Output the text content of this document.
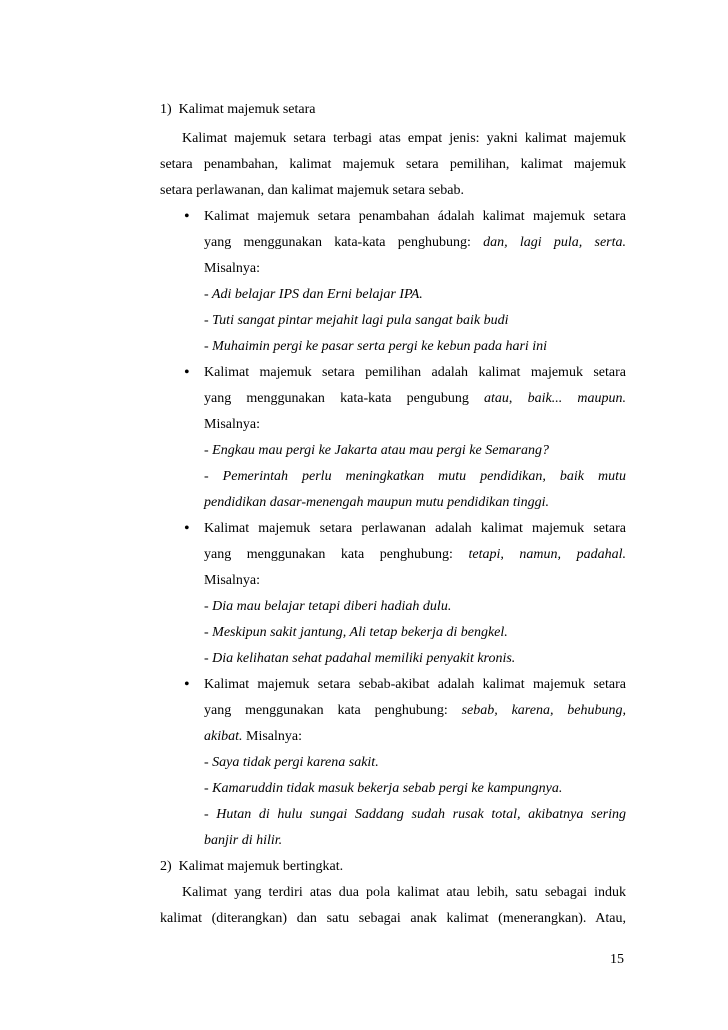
1)  Kalimat majemuk setara
Kalimat majemuk setara terbagi atas empat jenis: yakni kalimat majemuk
setara penambahan, kalimat majemuk setara pemilihan, kalimat majemuk
setara perlawanan, dan kalimat majemuk setara sebab.
• Kalimat majemuk setara penambahan ádalah kalimat majemuk setara
yang menggunakan kata-kata penghubung: dan, lagi pula, serta.
Misalnya:
- Adi belajar IPS dan Erni belajar IPA.
- Tuti sangat pintar mejahit lagi pula sangat baik budi
- Muhaimin pergi ke pasar serta pergi ke kebun pada hari ini
• Kalimat majemuk setara pemilihan adalah kalimat majemuk setara
yang menggunakan kata-kata pengubung atau, baik... maupun.
Misalnya:
- Engkau mau pergi ke Jakarta atau mau pergi ke Semarang?
- Pemerintah perlu meningkatkan mutu pendidikan, baik mutu
pendidikan dasar-menengah maupun mutu pendidikan tinggi.
• Kalimat majemuk setara perlawanan adalah kalimat majemuk setara
yang menggunakan kata penghubung: tetapi, namun, padahal.
Misalnya:
- Dia mau belajar tetapi diberi hadiah dulu.
- Meskipun sakit jantung, Ali tetap bekerja di bengkel.
- Dia kelihatan sehat padahal memiliki penyakit kronis.
• Kalimat majemuk setara sebab-akibat adalah kalimat majemuk setara
yang menggunakan kata penghubung: sebab, karena, behubung,
akibat. Misalnya:
- Saya tidak pergi karena sakit.
- Kamaruddin tidak masuk bekerja sebab pergi ke kampungnya.
- Hutan di hulu sungai Saddang sudah rusak total, akibatnya sering
banjir di hilir.
2)  Kalimat majemuk bertingkat.
Kalimat yang terdiri atas dua pola kalimat atau lebih, satu sebagai induk
kalimat (diterangkan) dan satu sebagai anak kalimat (menerangkan). Atau,
15
